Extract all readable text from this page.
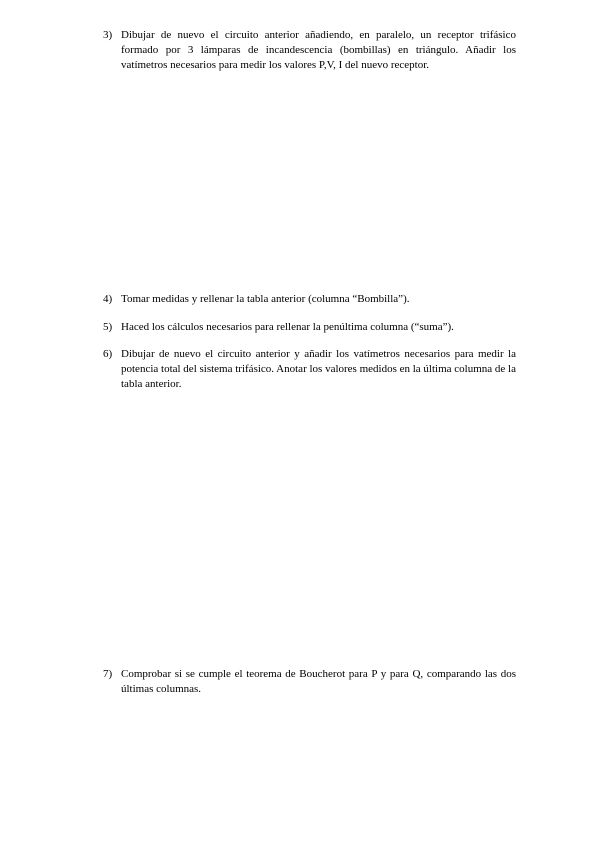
3) Dibujar de nuevo el circuito anterior añadiendo, en paralelo, un receptor trifásico formado por 3 lámparas de incandescencia (bombillas) en triángulo. Añadir los vatímetros necesarios para medir los valores P,V, I del nuevo receptor.
4) Tomar medidas y rellenar la tabla anterior (columna “Bombilla”).
5) Haced los cálculos necesarios para rellenar la penúltima columna (“suma”).
6) Dibujar de nuevo el circuito anterior y añadir los vatímetros necesarios para medir la potencia total del sistema trifásico. Anotar los valores medidos en la última columna de la tabla anterior.
7) Comprobar si se cumple el teorema de Boucherot para P y para Q, comparando las dos últimas columnas.
